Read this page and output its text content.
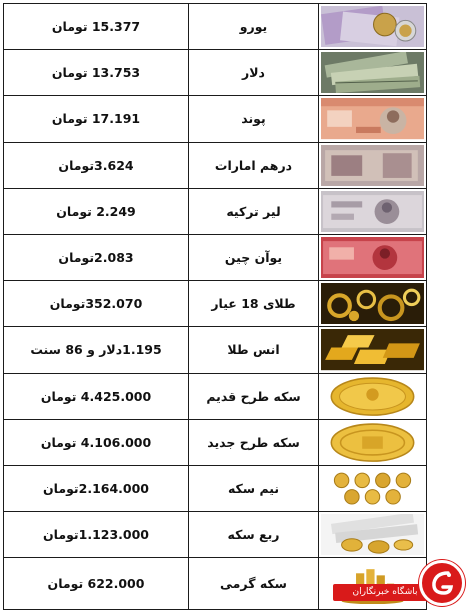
15.377 تومان	یورو	

13.753 تومان	دلار	

17.191 تومان	پوند	

3.624تومان	درهم امارات	

2.249 تومان	لیر ترکیه	

2.083تومان	یوآن چین	

352.070تومان	طلای 18 عیار	

1.195دلار و 86 سنت	انس طلا	

4.425.000 تومان	سکه طرح قدیم	

4.106.000 تومان	سکه طرح جدید	

2.164.000تومان	نیم سکه	

1.123.000تومان	ربع سکه	

622.000 تومان	سکه گرمی	
باشگاه خبرنگاران
